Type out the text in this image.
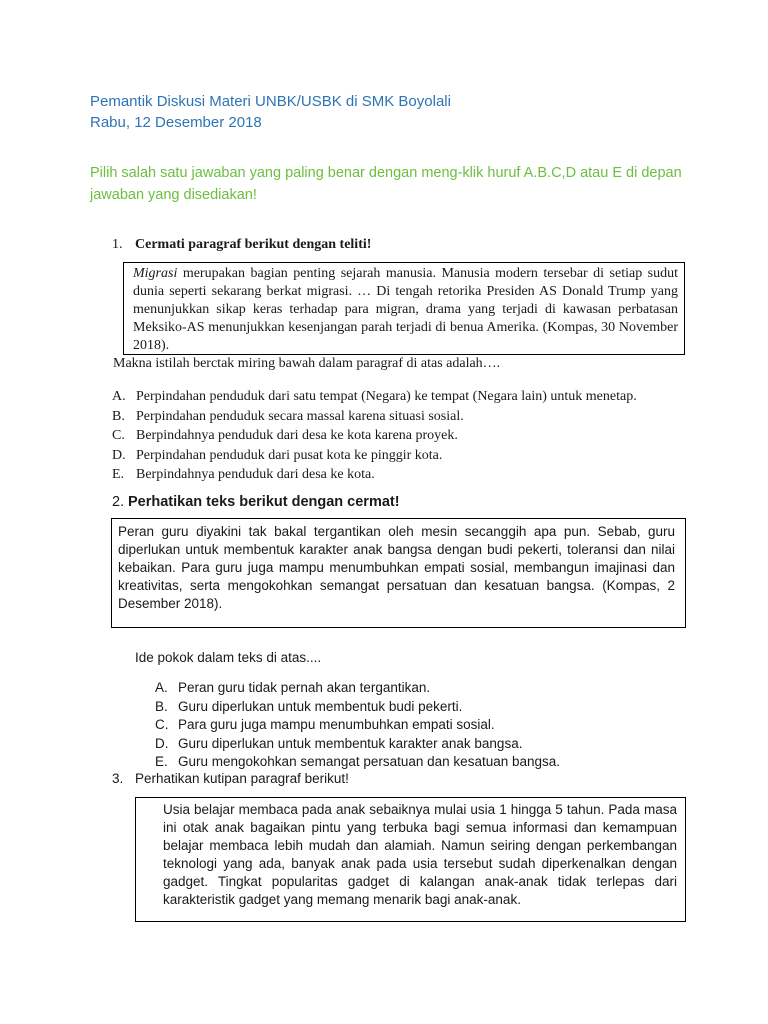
Pemantik Diskusi Materi UNBK/USBK di SMK Boyolali
Rabu, 12 Desember 2018
Pilih salah satu jawaban yang paling benar dengan meng-klik huruf A.B.C,D atau E di depan jawaban yang disediakan!
1. Cermati paragraf berikut dengan teliti!

Migrasi merupakan bagian penting sejarah manusia. Manusia modern tersebar di setiap sudut dunia seperti sekarang berkat migrasi. … Di tengah retorika Presiden AS Donald Trump yang menunjukkan sikap keras terhadap para migran, drama yang terjadi di kawasan perbatasan Meksiko-AS menunjukkan kesenjangan parah terjadi di benua Amerika. (Kompas, 30 November 2018).

Makna istilah berctak miring bawah dalam paragraf di atas adalah….
A. Perpindahan penduduk dari satu tempat (Negara) ke tempat (Negara lain) untuk menetap.
B. Perpindahan penduduk secara massal karena situasi sosial.
C. Berpindahnya penduduk dari desa ke kota karena proyek.
D. Perpindahan penduduk dari pusat kota ke pinggir kota.
E. Berpindahnya penduduk dari desa ke kota.
2. Perhatikan teks berikut dengan cermat!

Peran guru diyakini tak bakal tergantikan oleh mesin secanggih apa pun. Sebab, guru diperlukan untuk membentuk karakter anak bangsa dengan budi pekerti, toleransi dan nilai kebaikan. Para guru juga mampu menumbuhkan empati sosial, membangun imajinasi dan kreativitas, serta mengokohkan semangat persatuan dan kesatuan bangsa. (Kompas, 2 Desember 2018).

Ide pokok dalam teks di atas....
A. Peran guru tidak pernah akan tergantikan.
B. Guru diperlukan untuk membentuk budi pekerti.
C. Para guru juga mampu menumbuhkan empati sosial.
D. Guru diperlukan untuk membentuk karakter anak bangsa.
E. Guru mengokohkan semangat persatuan dan kesatuan bangsa.
3. Perhatikan kutipan paragraf berikut!

Usia belajar membaca pada anak sebaiknya mulai usia 1 hingga 5 tahun. Pada masa ini otak anak bagaikan pintu yang terbuka bagi semua informasi dan kemampuan belajar membaca lebih mudah dan alamiah. Namun seiring dengan perkembangan teknologi yang ada, banyak anak pada usia tersebut sudah diperkenalkan dengan gadget. Tingkat popularitas gadget di kalangan anak-anak tidak terlepas dari karakteristik gadget yang memang menarik bagi anak-anak.
